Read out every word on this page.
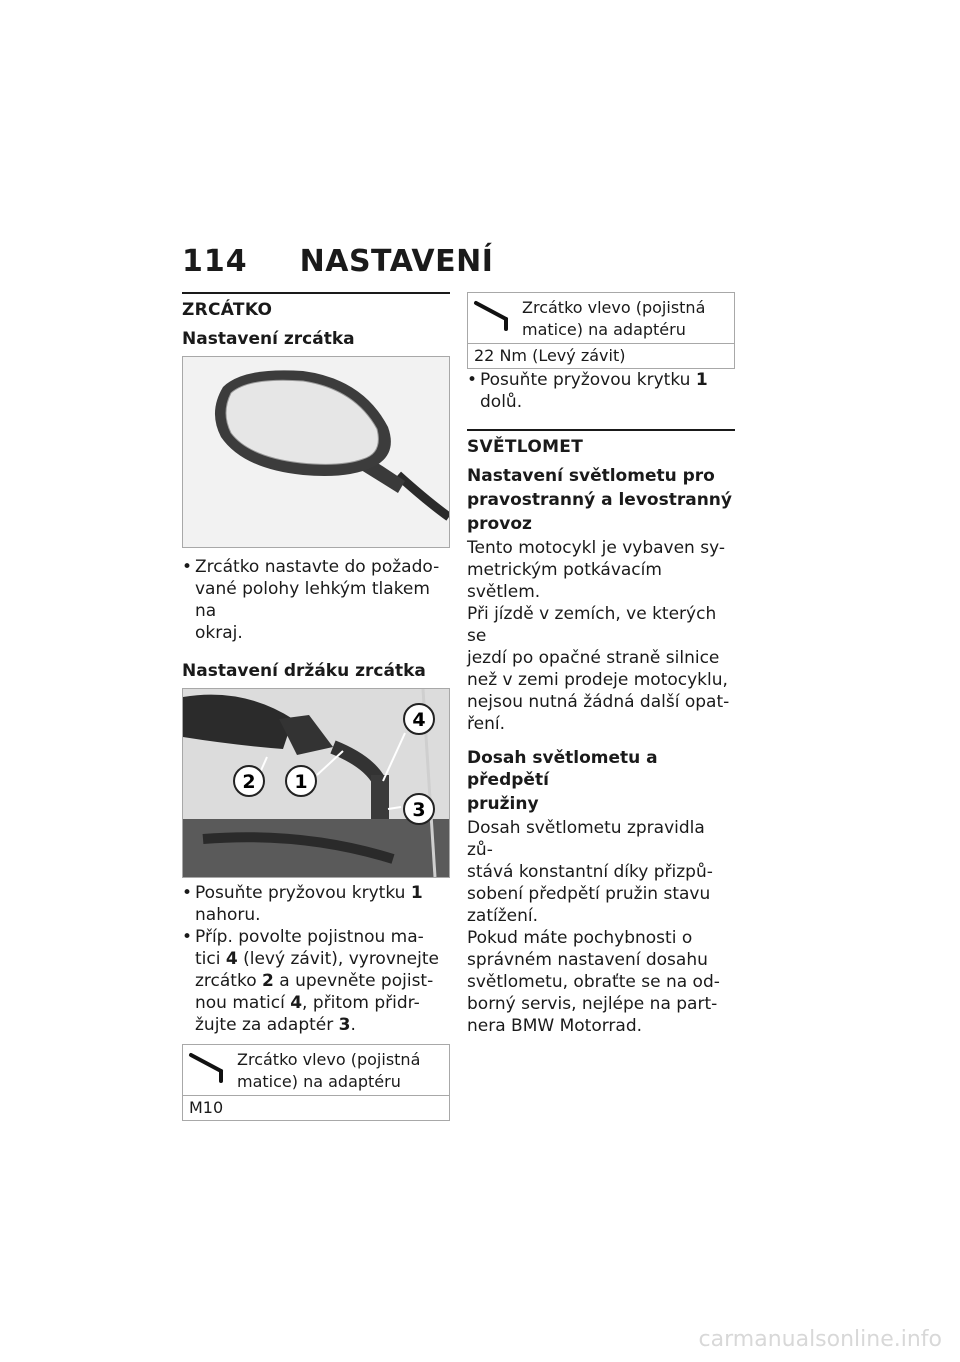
114 NASTAVENÍ
ZRCÁTKO
Nastavení zrcátka
• Zrcátko nastavte do požado-
vané polohy lehkým tlakem na
okraj.
Nastavení držáku zrcátka
1
2
3
4
• Posuňte pryžovou krytku 1
nahoru.
• Příp. povolte pojistnou ma-
tici 4 (levý závit), vyrovnejte
zrcátko 2 a upevněte pojist-
nou maticí 4, přitom přidr-
žujte za adaptér 3.
Zrcátko vlevo (pojistná
matice) na adaptéru
M10
Zrcátko vlevo (pojistná
matice) na adaptéru
22 Nm (Levý závit)
• Posuňte pryžovou krytku 1
dolů.
SVĚTLOMET
Nastavení světlometu pro
pravostranný a levostranný
provoz

Tento motocykl je vybaven sy-

metrickým potkávacím světlem.

Při jízdě v zemích, ve kterých se

jezdí po opačné straně silnice

než v zemi prodeje motocyklu,

nejsou nutná žádná další opat-

ření.

Dosah světlometu a předpětí
pružiny

Dosah světlometu zpravidla zů-

stává konstantní díky přizpů-

sobení předpětí pružin stavu

zatížení.

Pokud máte pochybnosti o

správném nastavení dosahu

světlometu, obraťte se na od-

borný servis, nejlépe na part-

nera BMW Motorrad.

carmanualsonline.info
